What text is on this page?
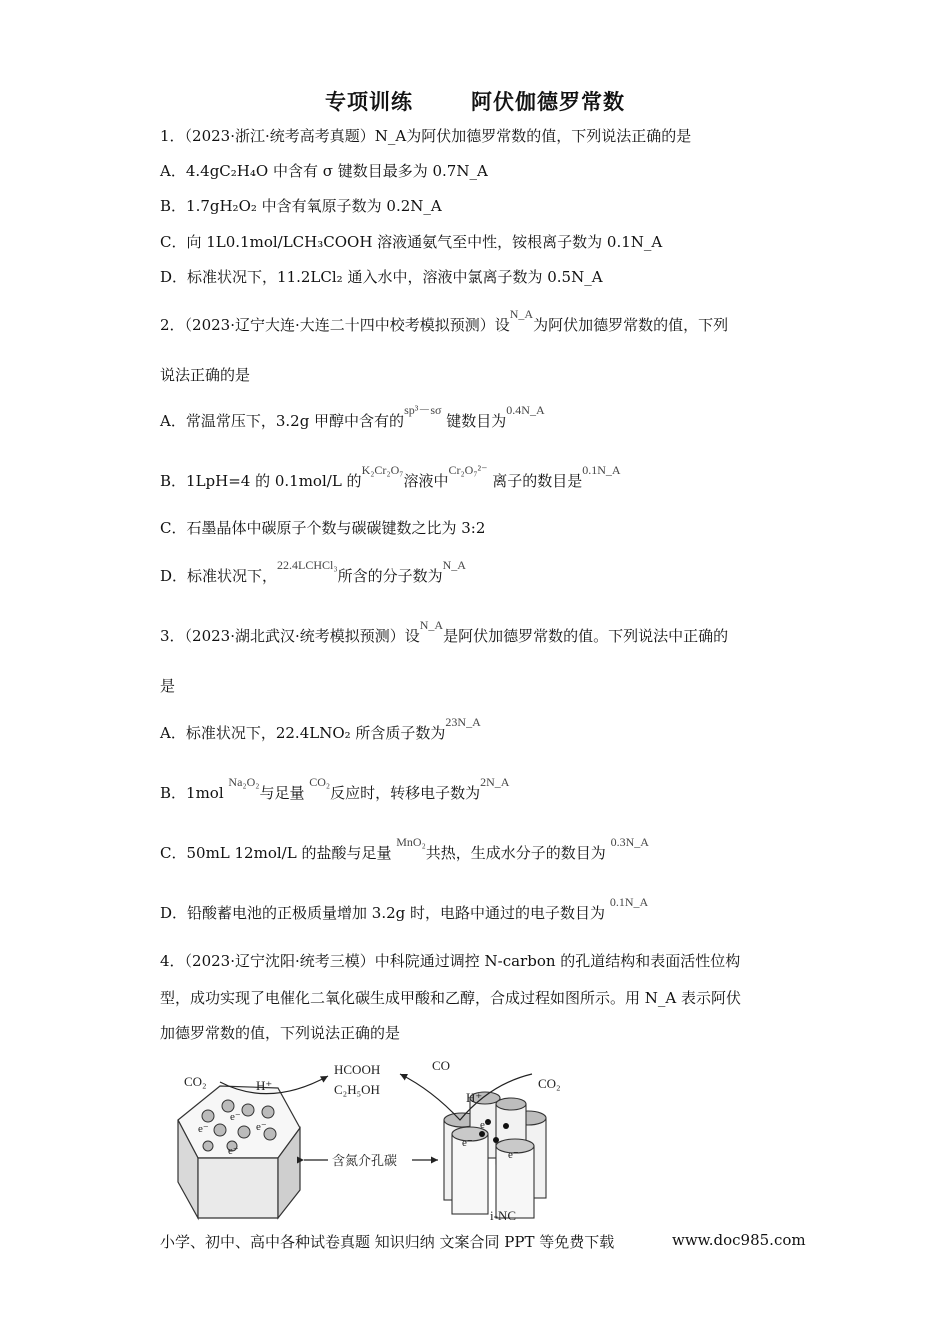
专项训练	阿伏伽德罗常数
1．（2023·浙江·统考高考真题）N_A为阿伏加德罗常数的值，下列说法正确的是
A．4.4gC₂H₄O 中含有 σ 键数目最多为 0.7N_A
B．1.7gH₂O₂ 中含有氧原子数为 0.2N_A
C．向 1L0.1mol/LCH₃COOH 溶液通氨气至中性，铵根离子数为 0.1N_A
D．标准状况下，11.2LCl₂ 通入水中，溶液中氯离子数为 0.5N_A
2．（2023·辽宁大连·大连二十四中校考模拟预测）设$^{N\_A}$为阿伏加德罗常数的值，下列
说法正确的是
A．常温常压下，3.2g 甲醇中含有的$^{sp^3-s\sigma}$ 键数目为$^{0.4N\_A}$
B．1LpH=4 的 0.1mol/L 的$^{K_2Cr_2O_7}$溶液中$^{Cr_2O_7^{2-}}$ 离子的数目是$^{0.1N\_A}$
C．石墨晶体中碳原子个数与碳碳键数之比为 3:2
D．标准状况下，$^{22.4LCHCl_3}$所含的分子数为$^{N\_A}$
3．（2023·湖北武汉·统考模拟预测）设$^{N\_A}$是阿伏加德罗常数的值。下列说法中正确的
是
A．标准状况下，22.4LNO₂ 所含质子数为$^{23N\_A}$
B．1mol $^{Na_2O_2}$与足量 $^{CO_2}$反应时，转移电子数为$^{2N\_A}$
C．50mL 12mol/L 的盐酸与足量 $^{MnO_2}$共热，生成水分子的数目为 $^{0.3N\_A}$
D．铅酸蓄电池的正极质量增加 3.2g 时，电路中通过的电子数目为 $^{0.1N\_A}$
4．（2023·辽宁沈阳·统考三模）中科院通过调控 N-carbon 的孔道结构和表面活性位构
型，成功实现了电催化二氧化碳生成甲酸和乙醇，合成过程如图所示。用 N_A 表示阿伏
加德罗常数的值，下列说法正确的是
CO₂	H⁺
e⁻
e⁻
e⁻
e⁻
HCOOH
C₂H₅OH
含氮介孔碳
e⁻
e⁻
e⁻
CO
H⁺
CO₂
i-NC
小学、初中、高中各种试卷真题 知识归纳 文案合同 PPT 等免费下载	www.doc985.com
